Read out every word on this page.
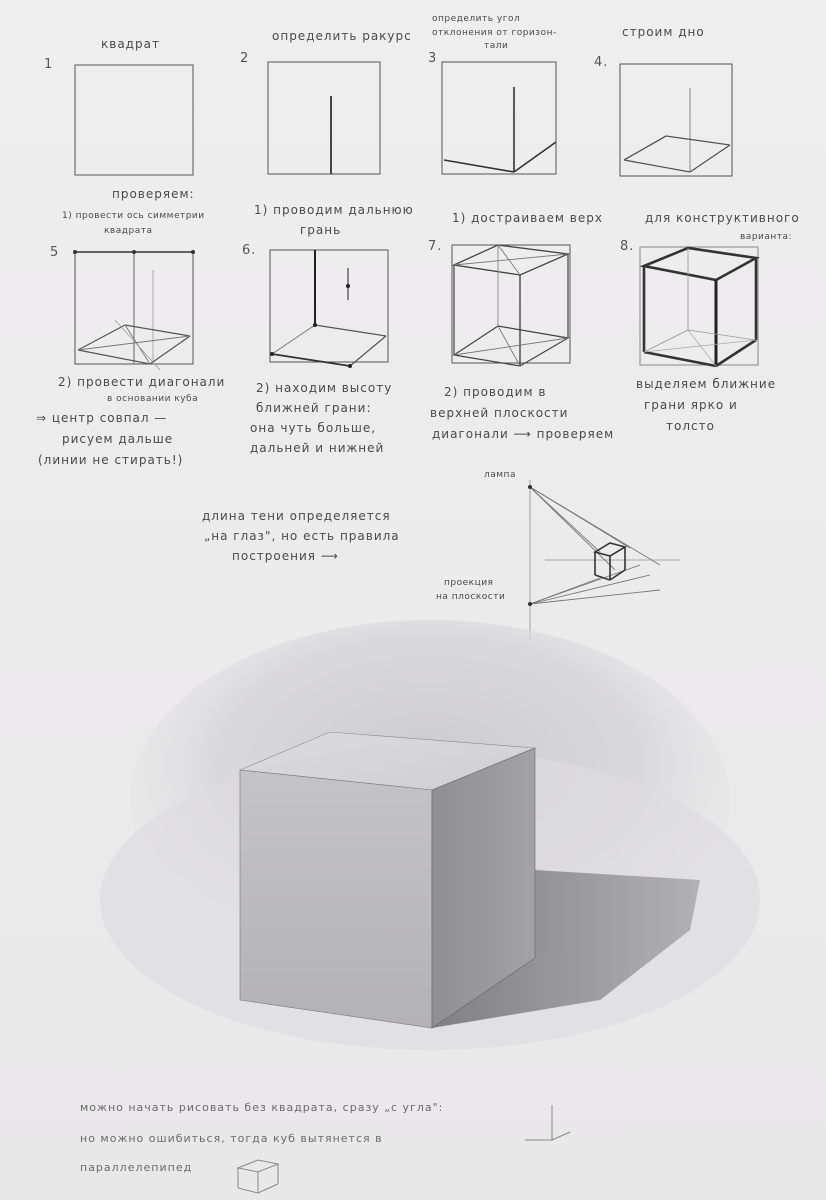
1
квадрат
2
определить ракурс
3
определить угол
отклонения от горизон-
тали
4.
строим дно
5
проверяем:
1) провести ось симметрии
квадрата
2) провести диагонали
в основании куба
⇒ центр совпал —
рисуем дальше
(линии не стирать!)
6.
1) проводим дальнюю
грань
2) находим высоту
ближней грани:
она чуть больше,
дальней и нижней
7.
1) достраиваем верх
2) проводим в
верхней плоскости
диагонали ⟶ проверяем
8.
для конструктивного
варианта:
выделяем ближние
грани ярко и
толсто
длина тени определяется
„на глаз", но есть правила
построения ⟶
лампа
проекция
на плоскости
можно начать рисовать без квадрата, сразу „с угла":
но можно ошибиться, тогда куб вытянется в
параллелепипед
